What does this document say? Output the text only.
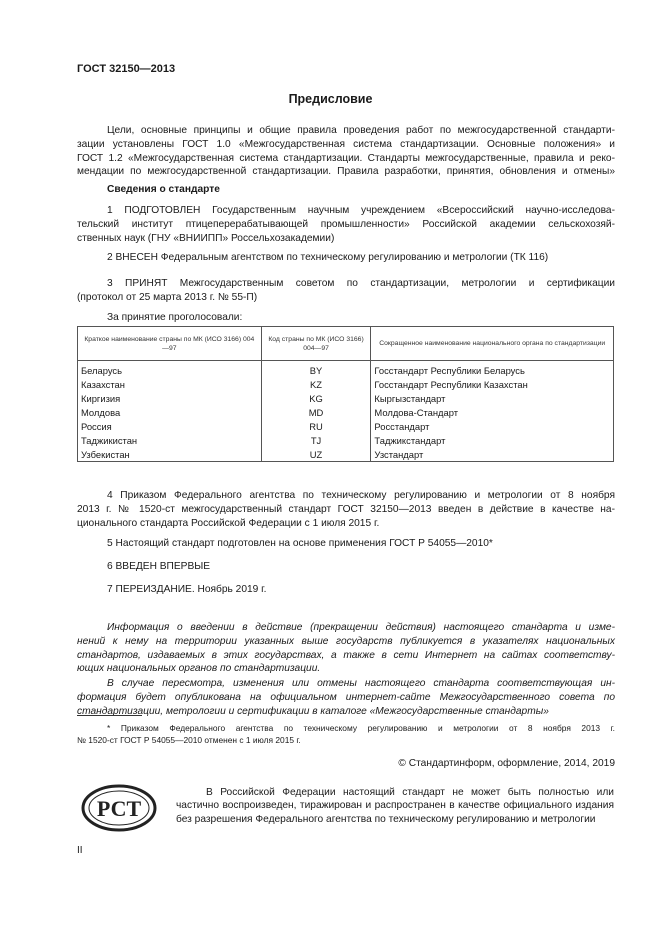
ГОСТ 32150—2013
Предисловие
Цели, основные принципы и общие правила проведения работ по межгосударственной стандарти-
зации установлены ГОСТ 1.0 «Межгосударственная система стандартизации. Основные положения» и
ГОСТ 1.2 «Межгосударственная система стандартизации. Стандарты межгосударственные, правила и реко-
мендации по межгосударственной стандартизации. Правила разработки, принятия, обновления и отмены»
Сведения о стандарте
1 ПОДГОТОВЛЕН Государственным научным учреждением «Всероссийский научно-исследова-
тельский институт птицеперерабатывающей промышленности» Российской академии сельскохозяй-
ственных наук (ГНУ «ВНИИПП» Россельхозакадемии)
2 ВНЕСЕН Федеральным агентством по техническому регулированию и метрологии (ТК 116)
3 ПРИНЯТ Межгосударственным советом по стандартизации, метрологии и сертификации
(протокол от 25 марта 2013 г. № 55-П)
За принятие проголосовали:
Краткое наименование страны по МК (ИСО 3166) 004—97	Код страны по МК (ИСО 3166) 004—97	Сокращенное наименование национального органа по стандартизации
Беларусь	BY	Госстандарт Республики Беларусь
Казахстан	KZ	Госстандарт Республики Казахстан
Киргизия	KG	Кыргызстандарт
Молдова	MD	Молдова-Стандарт
Россия	RU	Росстандарт
Таджикистан	TJ	Таджикстандарт
Узбекистан	UZ	Узстандарт
4 Приказом Федерального агентства по техническому регулированию и метрологии от 8 ноября
2013 г. № 1520-ст межгосударственный стандарт ГОСТ 32150—2013 введен в действие в качестве на-
ционального стандарта Российской Федерации с 1 июля 2015 г.
5 Настоящий стандарт подготовлен на основе применения ГОСТ Р 54055—2010*
6 ВВЕДЕН ВПЕРВЫЕ
7 ПЕРЕИЗДАНИЕ. Ноябрь 2019 г.
Информация о введении в действие (прекращении действия) настоящего стандарта и изме-
нений к нему на территории указанных выше государств публикуется в указателях национальных
стандартов, издаваемых в этих государствах, а также в сети Интернет на сайтах соответству-
ющих национальных органов по стандартизации.
В случае пересмотра, изменения или отмены настоящего стандарта соответствующая ин-
формация будет опубликована на официальном интернет-сайте Межгосударственного совета по
стандартизации, метрологии и сертификации в каталоге «Межгосударственные стандарты»
* Приказом Федерального агентства по техническому регулированию и метрологии от 8 ноября 2013 г.
№ 1520-ст ГОСТ Р 54055—2010 отменен с 1 июля 2015 г.
© Стандартинформ, оформление, 2014, 2019
РСТ
В Российской Федерации настоящий стандарт не может быть полностью или частично воспроизведен, тиражирован и распространен в качестве официального издания без разрешения Федерального агентства по техническому регулированию и метрологии
II
